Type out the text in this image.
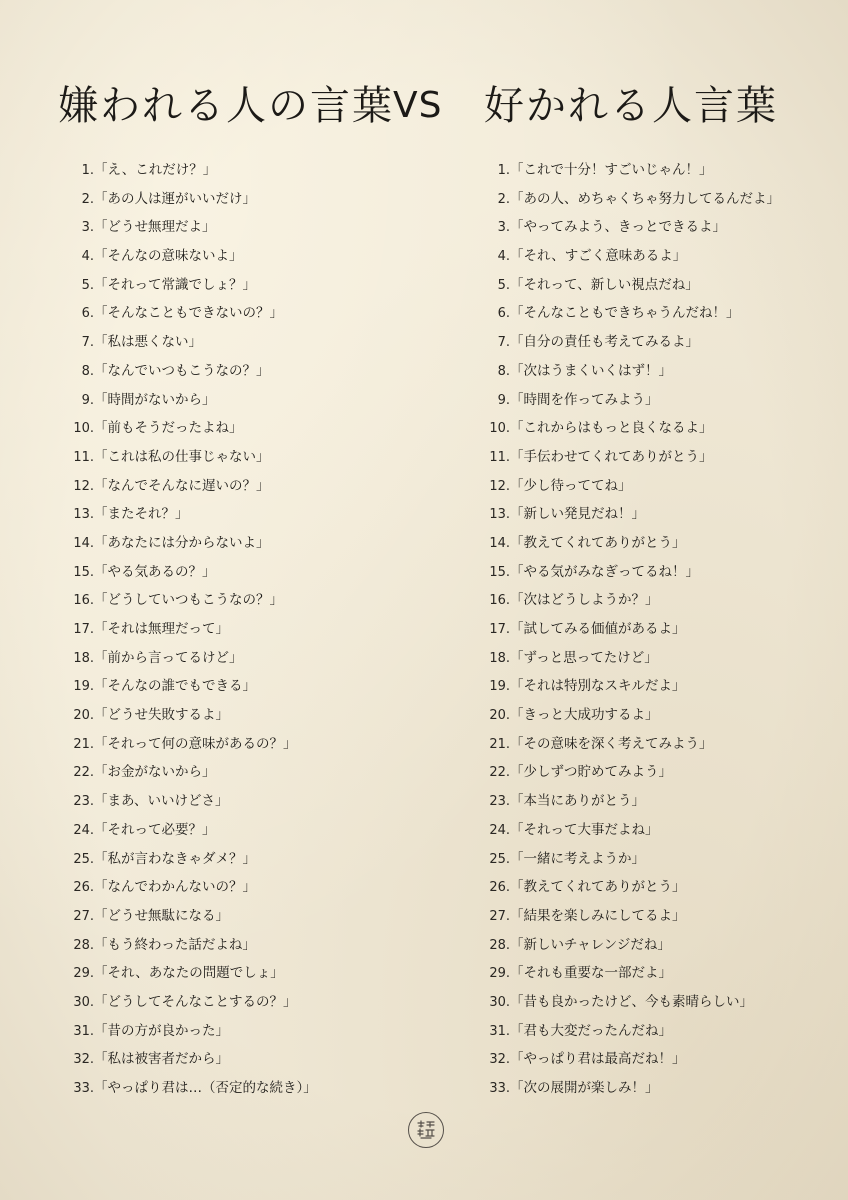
嫌われる人の言葉 VS 好かれる人言葉
1.「え、これだけ？」
2.「あの人は運がいいだけ」
3.「どうせ無理だよ」
4.「そんなの意味ないよ」
5.「それって常識でしょ？」
6.「そんなこともできないの？」
7.「私は悪くない」
8.「なんでいつもこうなの？」
9.「時間がないから」
10.「前もそうだったよね」
11.「これは私の仕事じゃない」
12.「なんでそんなに遅いの？」
13.「またそれ？」
14.「あなたには分からないよ」
15.「やる気あるの？」
16.「どうしていつもこうなの？」
17.「それは無理だって」
18.「前から言ってるけど」
19.「そんなの誰でもできる」
20.「どうせ失敗するよ」
21.「それって何の意味があるの？」
22.「お金がないから」
23.「まあ、いいけどさ」
24.「それって必要？」
25.「私が言わなきゃダメ？」
26.「なんでわかんないの？」
27.「どうせ無駄になる」
28.「もう終わった話だよね」
29.「それ、あなたの問題でしょ」
30.「どうしてそんなことするの？」
31.「昔の方が良かった」
32.「私は被害者だから」
33.「やっぱり君は…（否定的な続き）」
1.「これで十分！すごいじゃん！」
2.「あの人、めちゃくちゃ努力してるんだよ」
3.「やってみよう、きっとできるよ」
4.「それ、すごく意味あるよ」
5.「それって、新しい視点だね」
6.「そんなこともできちゃうんだね！」
7.「自分の責任も考えてみるよ」
8.「次はうまくいくはず！」
9.「時間を作ってみよう」
10.「これからはもっと良くなるよ」
11.「手伝わせてくれてありがとう」
12.「少し待っててね」
13.「新しい発見だね！」
14.「教えてくれてありがとう」
15.「やる気がみなぎってるね！」
16.「次はどうしようか？」
17.「試してみる価値があるよ」
18.「ずっと思ってたけど」
19.「それは特別なスキルだよ」
20.「きっと大成功するよ」
21.「その意味を深く考えてみよう」
22.「少しずつ貯めてみよう」
23.「本当にありがとう」
24.「それって大事だよね」
25.「一緒に考えようか」
26.「教えてくれてありがとう」
27.「結果を楽しみにしてるよ」
28.「新しいチャレンジだね」
29.「それも重要な一部だよ」
30.「昔も良かったけど、今も素晴らしい」
31.「君も大変だったんだね」
32.「やっぱり君は最高だね！」
33.「次の展開が楽しみ！」
